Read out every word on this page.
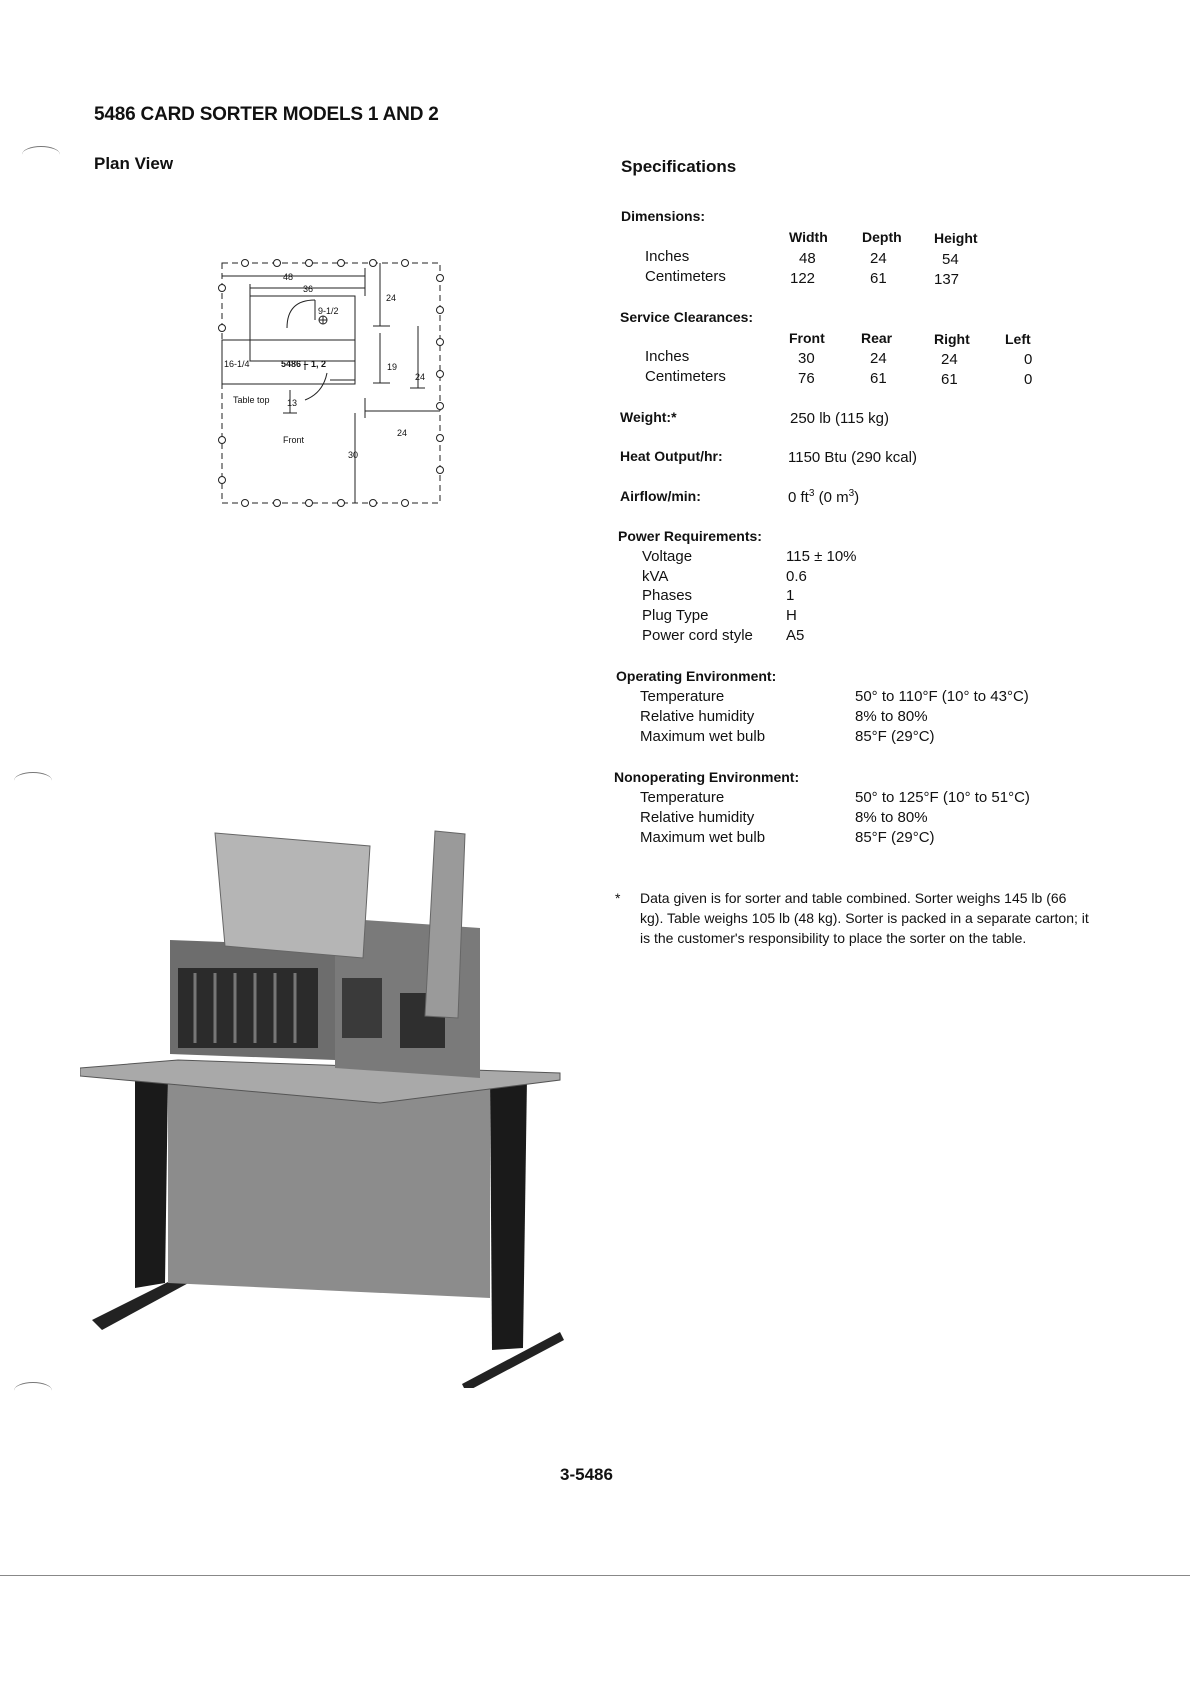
5486 CARD SORTER MODELS 1 AND 2
Plan View	Specifications
48
36
24
9-1/2
16-1/4	5486 – 1, 2	19
24
Table top 13
Front
24
30
Dimensions:
Width Depth Height
Inches	48	24	54
Centimeters	122	61	137
Service Clearances:
Front	Rear	Right	Left
Inches	30	24	24	0
Centimeters	76	61	61	0
Weight:*	250 lb (115 kg)
Heat Output/hr:	1150 Btu (290 kcal)
Airflow/min:	0 $ft^3$ (0 $m^3$)
Power Requirements:
Voltage	115 ± 10%
kVA	0.6
Phases	1
Plug Type	H
Power cord style A5
Operating Environment:
Temperature	50° to 110°F (10° to 43°C)
Relative humidity	8% to 80%
Maximum wet bulb	85°F (29°C)
Nonoperating Environment:
Temperature	50° to 125°F (10° to 51°C)
Relative humidity	8% to 80%
Maximum wet bulb	85°F (29°C)
* Data given is for sorter and table combined. Sorter weighs 145 lb (66 kg). Table weighs 105 lb (48 kg). Sorter is packed in a separate carton; it is the customer's responsibility to place the sorter on the table.
3-5486
